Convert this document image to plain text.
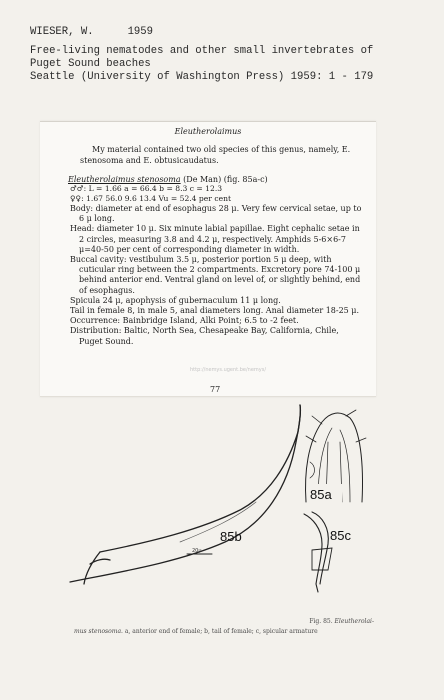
WIESER, W.	1959
Free-living nematodes and other small invertebrates of
Puget Sound beaches
Seattle (University of Washington Press) 1959: 1 - 179
Eleutherolaimus
My material contained two old species of this genus, namely, E. stenosoma and E. obtusicaudatus.
Eleutherolaimus stenosoma (De Man) (fig. 85a-c)
♂♂: L = 1.66 a = 66.4 b = 8.3 c = 12.3
♀♀: 1.67 56.0 9.6 13.4 Vu = 52.4 per cent
Body: diameter at end of esophagus 28 μ. Very few cervical setae, up to 6 μ long.
Head: diameter 10 μ. Six minute labial papillae. Eight cephalic setae in 2 circles, measuring 3.8 and 4.2 μ, respectively. Amphids 5-6×6-7 μ=40-50 per cent of corresponding diameter in width.
Buccal cavity: vestibulum 3.5 μ, posterior portion 5 μ deep, with cuticular ring between the 2 compartments. Excretory pore 74-100 μ behind anterior end. Ventral gland on level of, or slightly behind, end of esophagus.
Spicula 24 μ, apophysis of gubernaculum 11 μ long.
Tail in female 8, in male 5, anal diameters long. Anal diameter 18-25 μ.
Occurrence: Bainbridge Island, Alki Point; 6.5 to -2 feet.
Distribution: Baltic, North Sea, Chesapeake Bay, California, Chile, Puget Sound.
http://nemys.ugent.be/nemys/
77
85a
85c
85b
20μ
Fig. 85. Eleutherolai-
mus stenosoma. a, anterior end of female; b, tail of female; c, spicular armature
